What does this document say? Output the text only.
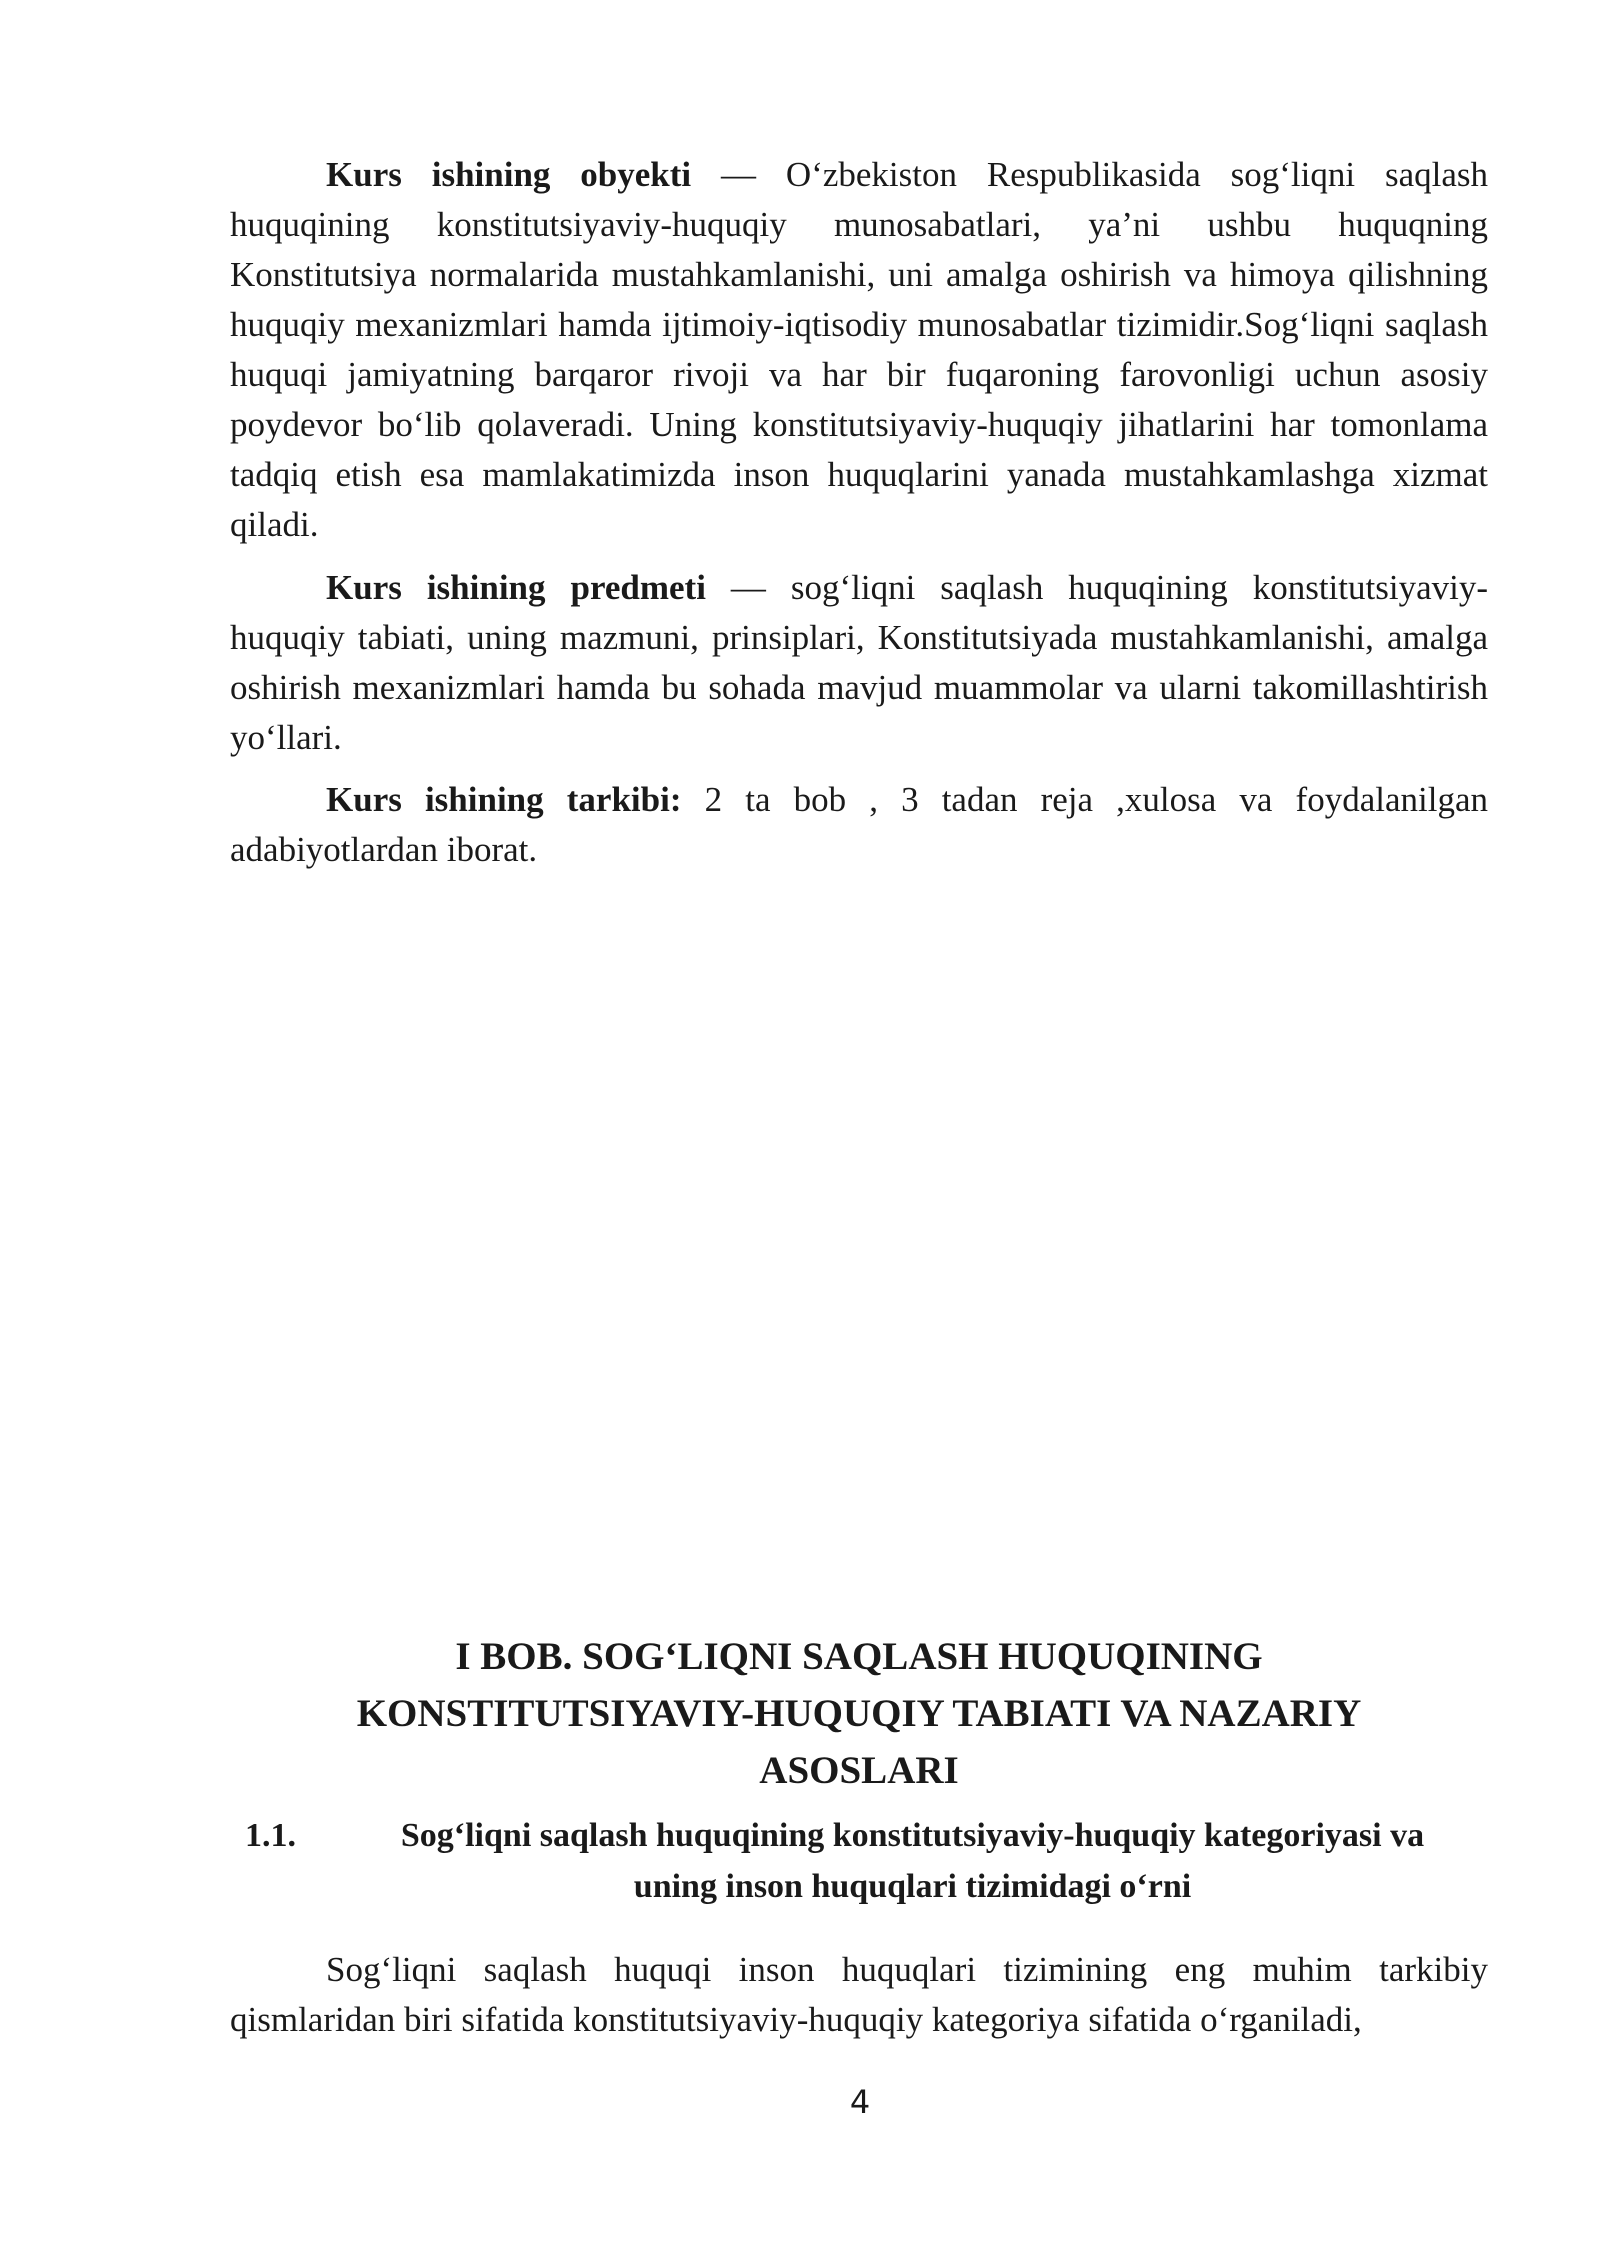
Kurs ishining obyekti — O‘zbekiston Respublikasida sog‘liqni saqlash huquqining konstitutsiyaviy-huquqiy munosabatlari, ya’ni ushbu huquqning Konstitutsiya normalarida mustahkamlanishi, uni amalga oshirish va himoya qilishning huquqiy mexanizmlari hamda ijtimoiy-iqtisodiy munosabatlar tizimidir.Sog‘liqni saqlash huquqi jamiyatning barqaror rivoji va har bir fuqaroning farovonligi uchun asosiy poydevor bo‘lib qolaveradi. Uning konstitutsiyaviy-huquqiy jihatlarini har tomonlama tadqiq etish esa mamlakatimizda inson huquqlarini yanada mustahkamlashga xizmat qiladi.

Kurs ishining predmeti — sog‘liqni saqlash huquqining konstitutsiyaviy-huquqiy tabiati, uning mazmuni, prinsiplari, Konstitutsiyada mustahkamlanishi, amalga oshirish mexanizmlari hamda bu sohada mavjud muammolar va ularni takomillashtirish yo‘llari.

Kurs ishining tarkibi: 2 ta bob , 3 tadan reja ,xulosa va foydalanilgan adabiyotlardan iborat.

I BOB. SOG‘LIQNI SAQLASH HUQUQINING
KONSTITUTSIYAVIY-HUQUQIY TABIATI VA NAZARIY
ASOSLARI
1.1.	Sog‘liqni saqlash huquqining konstitutsiyaviy-huquqiy kategoriyasi va
uning inson huquqlari tizimidagi o‘rni

Sog‘liqni saqlash huquqi inson huquqlari tizimining eng muhim tarkibiy qismlaridan biri sifatida konstitutsiyaviy-huquqiy kategoriya sifatida o‘rganiladi,

4
